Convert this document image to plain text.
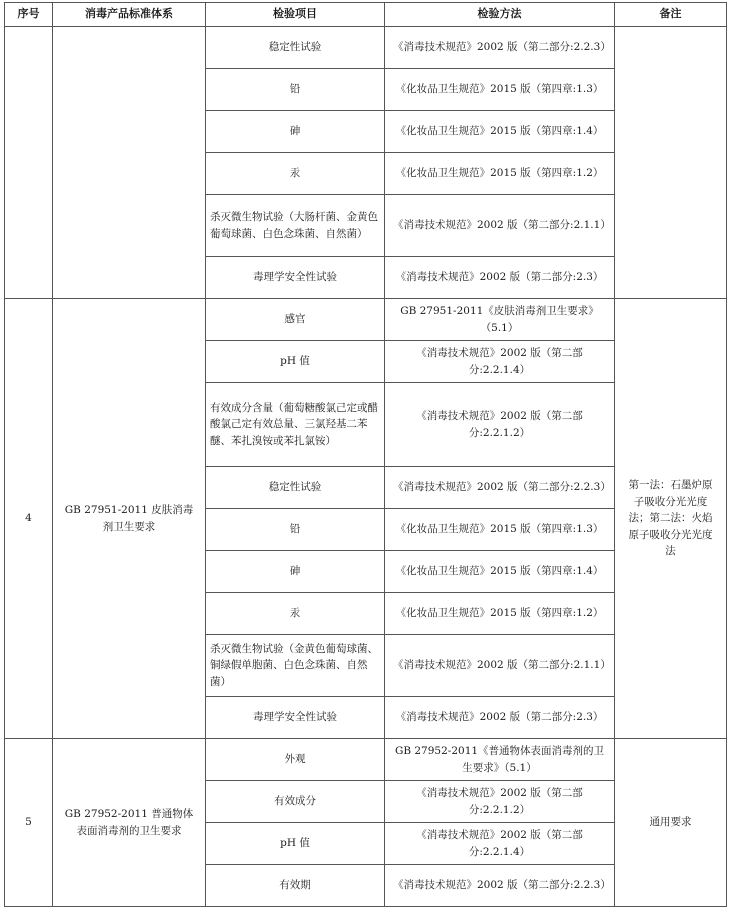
序号	消毒产品标准体系	检验项目	检验方法	备注
		稳定性试验	《消毒技术规范》2002 版（第二部分:2.2.3）	
		铅	《化妆品卫生规范》2015 版（第四章:1.3）	
		砷	《化妆品卫生规范》2015 版（第四章:1.4）	
		汞	《化妆品卫生规范》2015 版（第四章:1.2）	
		杀灭微生物试验（大肠杆菌、金黄色葡萄球菌、白色念珠菌、自然菌）	《消毒技术规范》2002 版（第二部分:2.1.1）	
		毒理学安全性试验	《消毒技术规范》2002 版（第二部分:2.3）	
4	GB 27951-2011 皮肤消毒剂卫生要求	感官	GB 27951-2011《皮肤消毒剂卫生要求》（5.1）	第一法：石墨炉原子吸收分光光度法；第二法：火焰原子吸收分光光度法
		pH 值	《消毒技术规范》2002 版（第二部分:2.2.1.4）	
		有效成分含量（葡萄糖酸氯己定或醋酸氯己定有效总量、三氯羟基二苯醚、苯扎溴铵或苯扎氯铵）	《消毒技术规范》2002 版（第二部分:2.2.1.2）	
		稳定性试验	《消毒技术规范》2002 版（第二部分:2.2.3）	
		铅	《化妆品卫生规范》2015 版（第四章:1.3）	
		砷	《化妆品卫生规范》2015 版（第四章:1.4）	
		汞	《化妆品卫生规范》2015 版（第四章:1.2）	
		杀灭微生物试验（金黄色葡萄球菌、铜绿假单胞菌、白色念珠菌、自然菌）	《消毒技术规范》2002 版（第二部分:2.1.1）	
		毒理学安全性试验	《消毒技术规范》2002 版（第二部分:2.3）	
5	GB 27952-2011 普通物体表面消毒剂的卫生要求	外观	GB 27952-2011《普通物体表面消毒剂的卫生要求》（5.1）	通用要求
		有效成分	《消毒技术规范》2002 版（第二部分:2.2.1.2）	
		pH 值	《消毒技术规范》2002 版（第二部分:2.2.1.4）	
		有效期	《消毒技术规范》2002 版（第二部分:2.2.3）	
